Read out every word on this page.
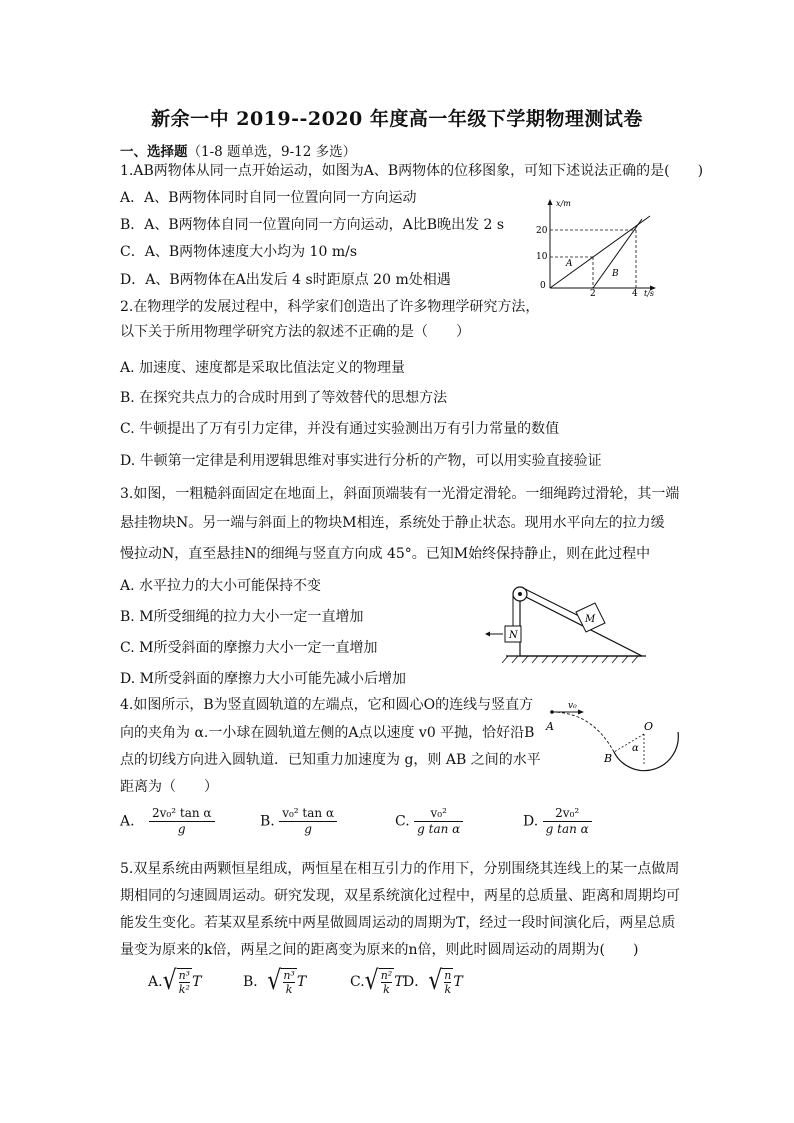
新余一中 2019--2020 年度高一年级下学期物理测试卷
一、选择题（1-8 题单选，9-12 多选）
1.AB两物体从同一点开始运动，如图为A、B两物体的位移图象，可知下述说法正确的是(　　)
A．A、B两物体同时自同一位置向同一方向运动
B．A、B两物体自同一位置向同一方向运动，A比B晚出发 2 s
C．A、B两物体速度大小均为 10 m/s
D．A、B两物体在A出发后 4 s时距原点 20 m处相遇
x/m
t/s
20
10
0
2	4
A
B
2.在物理学的发展过程中，科学家们创造出了许多物理学研究方法，
以下关于所用物理学研究方法的叙述不正确的是（　　）
A. 加速度、速度都是采取比值法定义的物理量
B. 在探究共点力的合成时用到了等效替代的思想方法
C. 牛顿提出了万有引力定律，并没有通过实验测出万有引力常量的数值
D. 牛顿第一定律是利用逻辑思维对事实进行分析的产物，可以用实验直接验证
3.如图，一粗糙斜面固定在地面上，斜面顶端装有一光滑定滑轮。一细绳跨过滑轮，其一端
悬挂物块N。另一端与斜面上的物块M相连，系统处于静止状态。现用水平向左的拉力缓
慢拉动N，直至悬挂N的细绳与竖直方向成 45°。已知M始终保持静止，则在此过程中
A. 水平拉力的大小可能保持不变
B. M所受细绳的拉力大小一定一直增加
C. M所受斜面的摩擦力大小一定一直增加
D. M所受斜面的摩擦力大小可能先减小后增加
M
N
4.如图所示，B为竖直圆轨道的左端点，它和圆心O的连线与竖直方
向的夹角为 α.一小球在圆轨道左侧的A点以速度 v0 平抛，恰好沿B
点的切线方向进入圆轨道．已知重力加速度为 g，则 AB 之间的水平
距离为（　　）
v₀
A	O
α
B
A. $\frac{\text{2v₀² tan α}}{g}$	B. $\frac{\text{v₀² tan α}}{g}$	C. $\frac{\text{v₀²}}{\text{g tan α}}$	D. $\frac{\text{2v₀²}}{\text{g tan α}}$
5.双星系统由两颗恒星组成，两恒星在相互引力的作用下，分别围绕其连线上的某一点做周
期相同的匀速圆周运动。研究发现，双星系统演化过程中，两星的总质量、距离和周期均可
能发生变化。若某双星系统中两星做圆周运动的周期为T，经过一段时间演化后，两星总质
量变为原来的k倍，两星之间的距离变为原来的n倍，则此时圆周运动的周期为(　　)
A. √ $\frac{\text{n³}}{\text{k²}}$ T	B． √ $\frac{\text{n³}}{k}$ T	C. √ $\frac{\text{n²}}{k}$ T D． √ $\frac{n}{k}$ T
